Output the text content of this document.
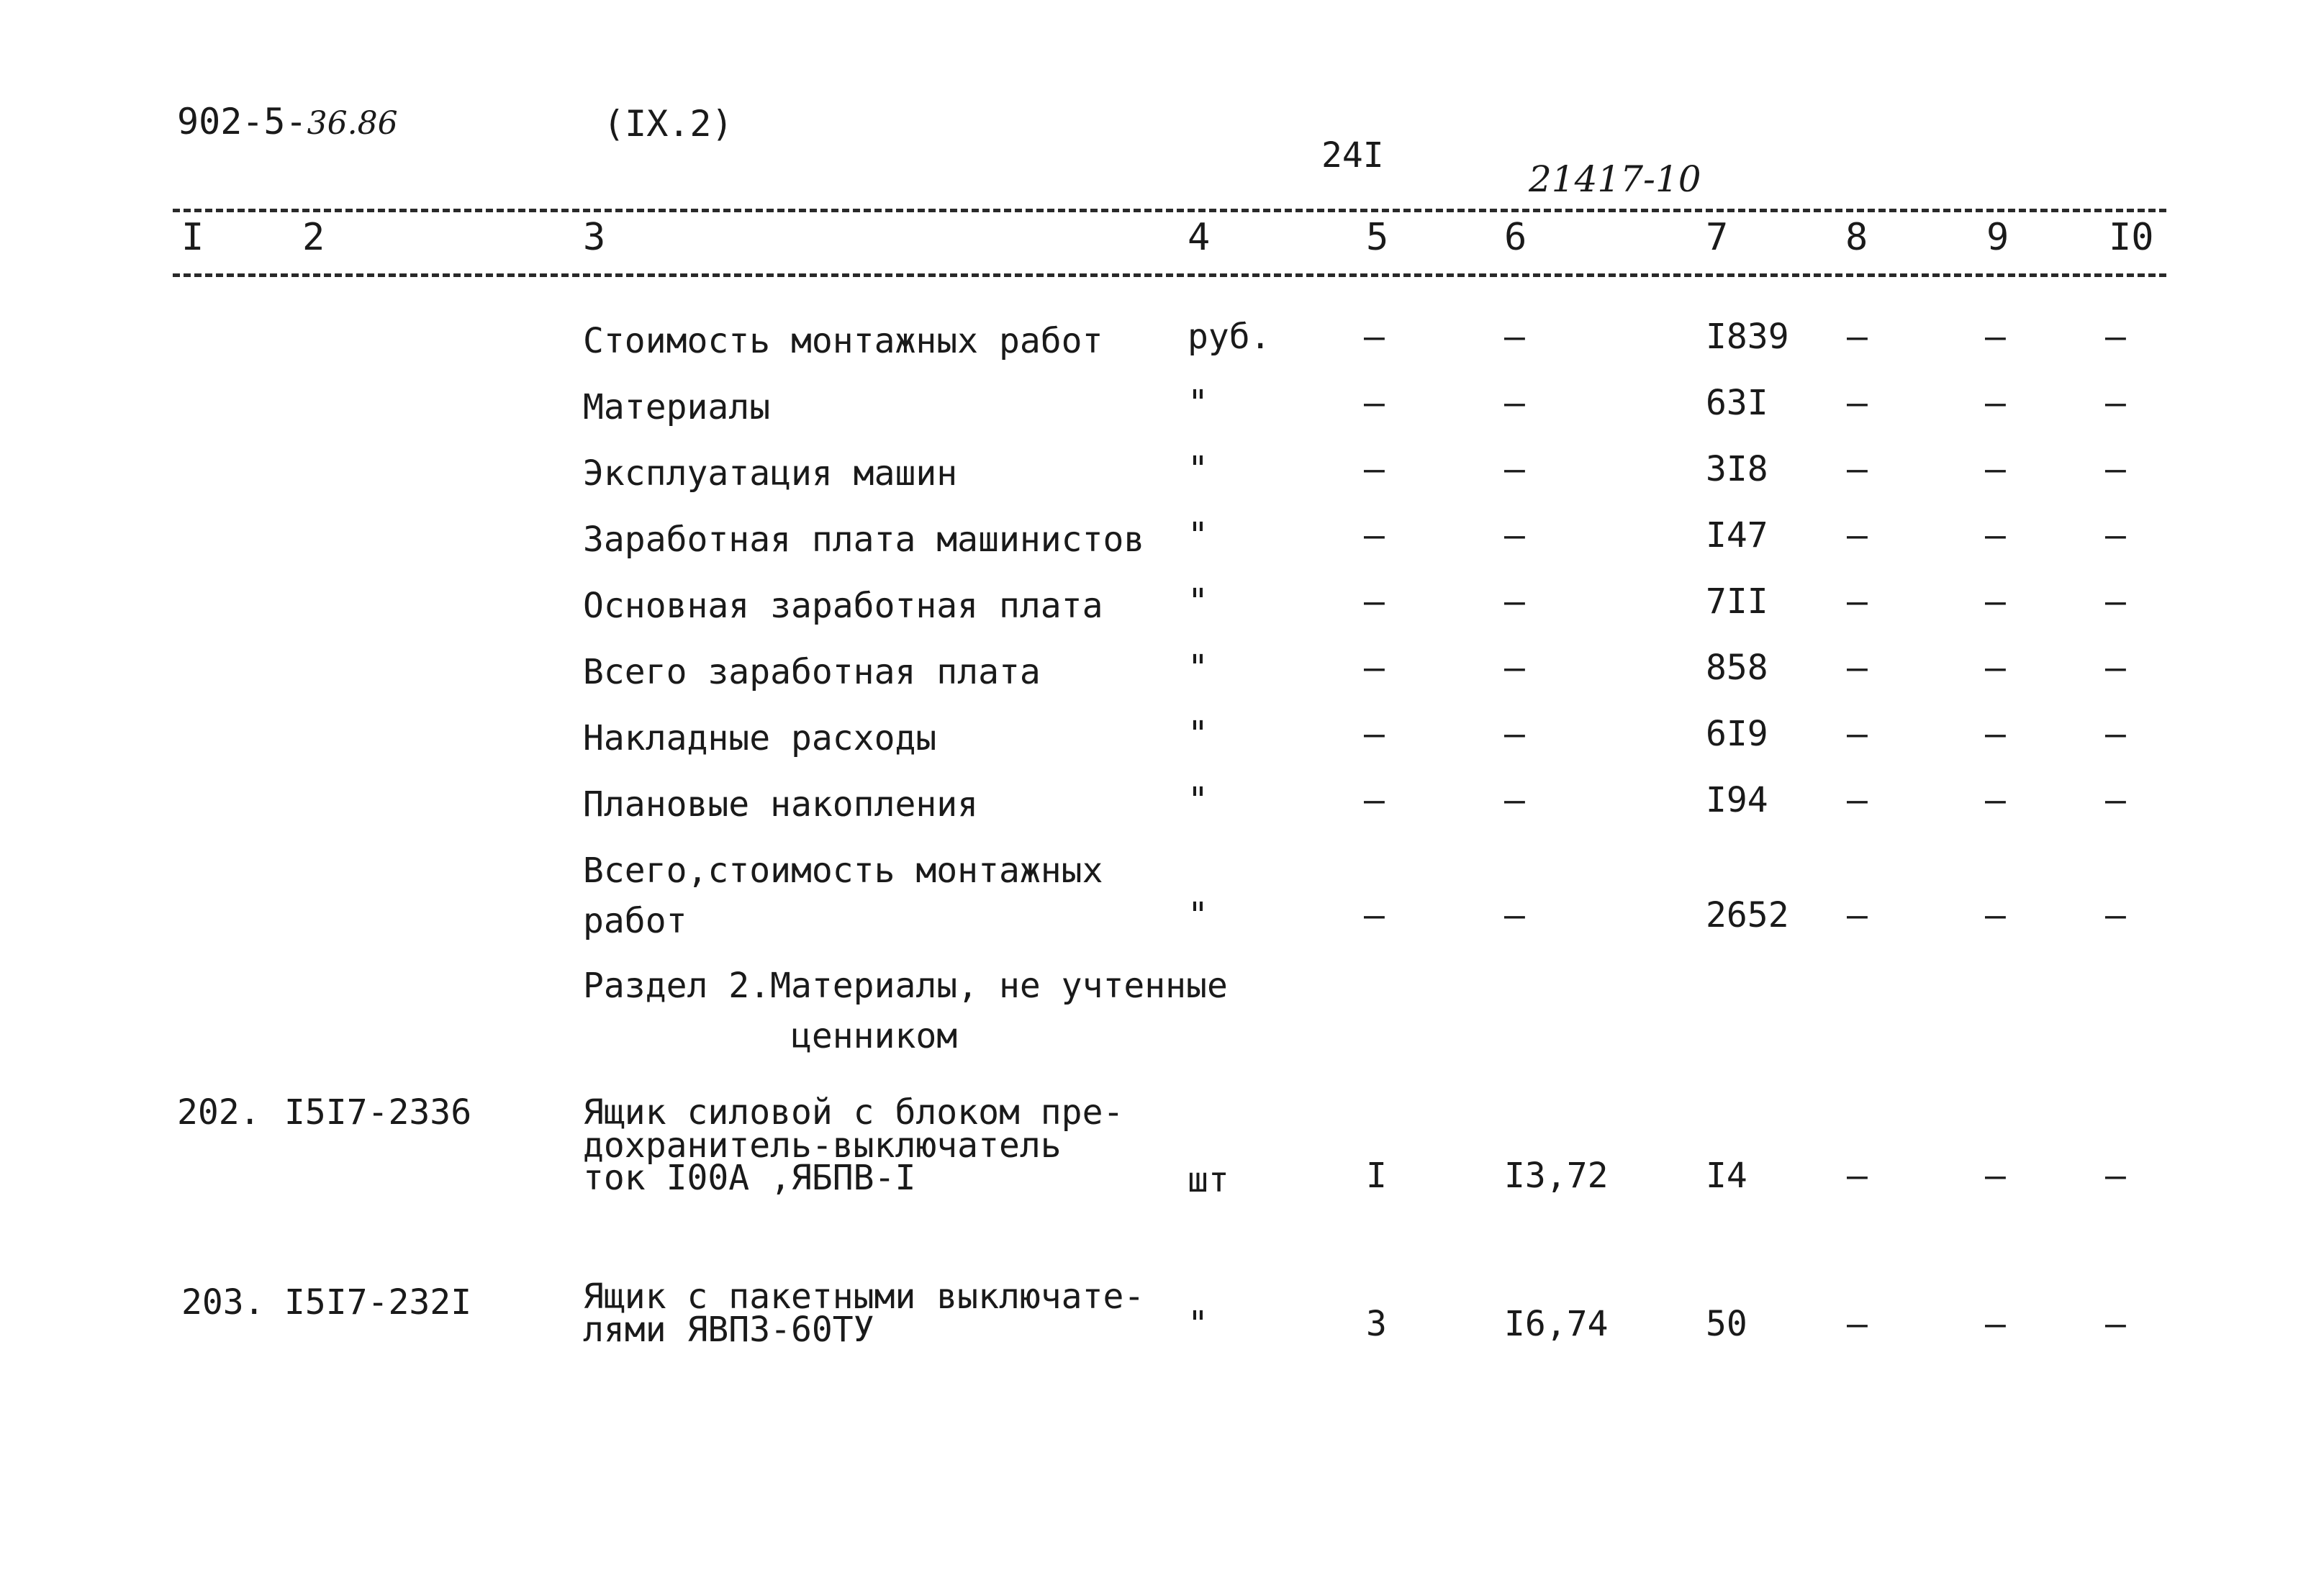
902-5-36.86	(IX.2)
24I
21417-10
I	2	3	4	5	6	7	8	9	I0
Стоимость монтажных работ руб.	–	–	I839 –	–	–
Материалы	"	–	–	63I –	–	–
Эксплуатация машин	"	–	–	3I8 –	–	–
Заработная плата машинистов "	–	–	I47 –	–	–
Основная заработная плата "	–	–	7II –	–	–
Всего заработная плата	"	–	–	858 –	–	–
Накладные расходы	"	–	–	6I9 –	–	–
Плановые накопления	"	–	–	I94 –	–	–
Всего,стоимость монтажных
работ	"	–	–	2652 –	–	–
Раздел 2.Материалы, не учтенные
ценником
202. I5I7-2336	Ящик силовой с блоком пре-
дохранитель-выключатель
ток I00А ,ЯБПВ-I	шт	I	I3,72	I4	–	–	–
203. I5I7-232I	Ящик с пакетными выключате-
лями ЯВП3-60ТУ	"	3	I6,74	50	–	–	–
